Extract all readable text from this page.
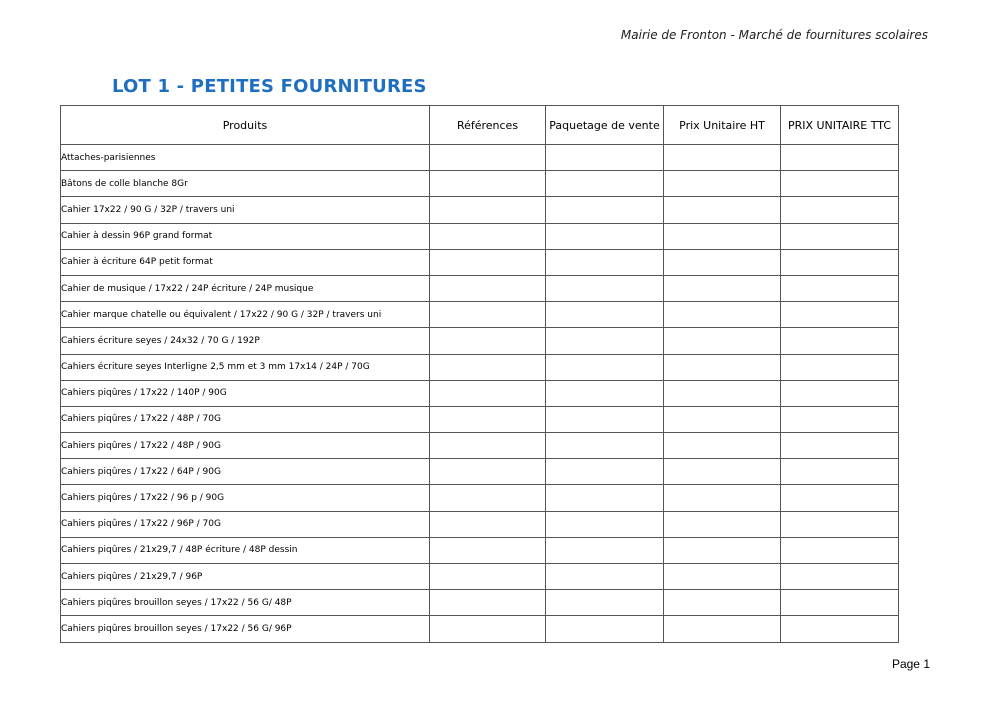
Mairie de Fronton - Marché de fournitures scolaires
LOT 1 - PETITES FOURNITURES
Produits	Références	Paquetage de vente	Prix Unitaire HT	PRIX UNITAIRE TTC
Attaches-parisiennes				
Bâtons de colle blanche 8Gr				
Cahier 17x22 / 90 G / 32P / travers uni				
Cahier à dessin 96P grand format				
Cahier à écriture 64P petit format				
Cahier de musique / 17x22 / 24P écriture / 24P musique				
Cahier marque chatelle ou équivalent / 17x22 / 90 G / 32P / travers uni				
Cahiers écriture seyes / 24x32 / 70 G / 192P				
Cahiers écriture seyes Interligne 2,5 mm et 3 mm 17x14 / 24P / 70G				
Cahiers piqûres / 17x22 / 140P / 90G				
Cahiers piqûres / 17x22 / 48P / 70G				
Cahiers piqûres / 17x22 / 48P / 90G				
Cahiers piqûres / 17x22 / 64P / 90G				
Cahiers piqûres / 17x22 / 96 p / 90G				
Cahiers piqûres / 17x22 / 96P / 70G				
Cahiers piqûres / 21x29,7 / 48P écriture / 48P dessin				
Cahiers piqûres / 21x29,7 / 96P				
Cahiers piqûres brouillon seyes / 17x22 / 56 G/ 48P				
Cahiers piqûres brouillon seyes / 17x22 / 56 G/ 96P				
Page 1
